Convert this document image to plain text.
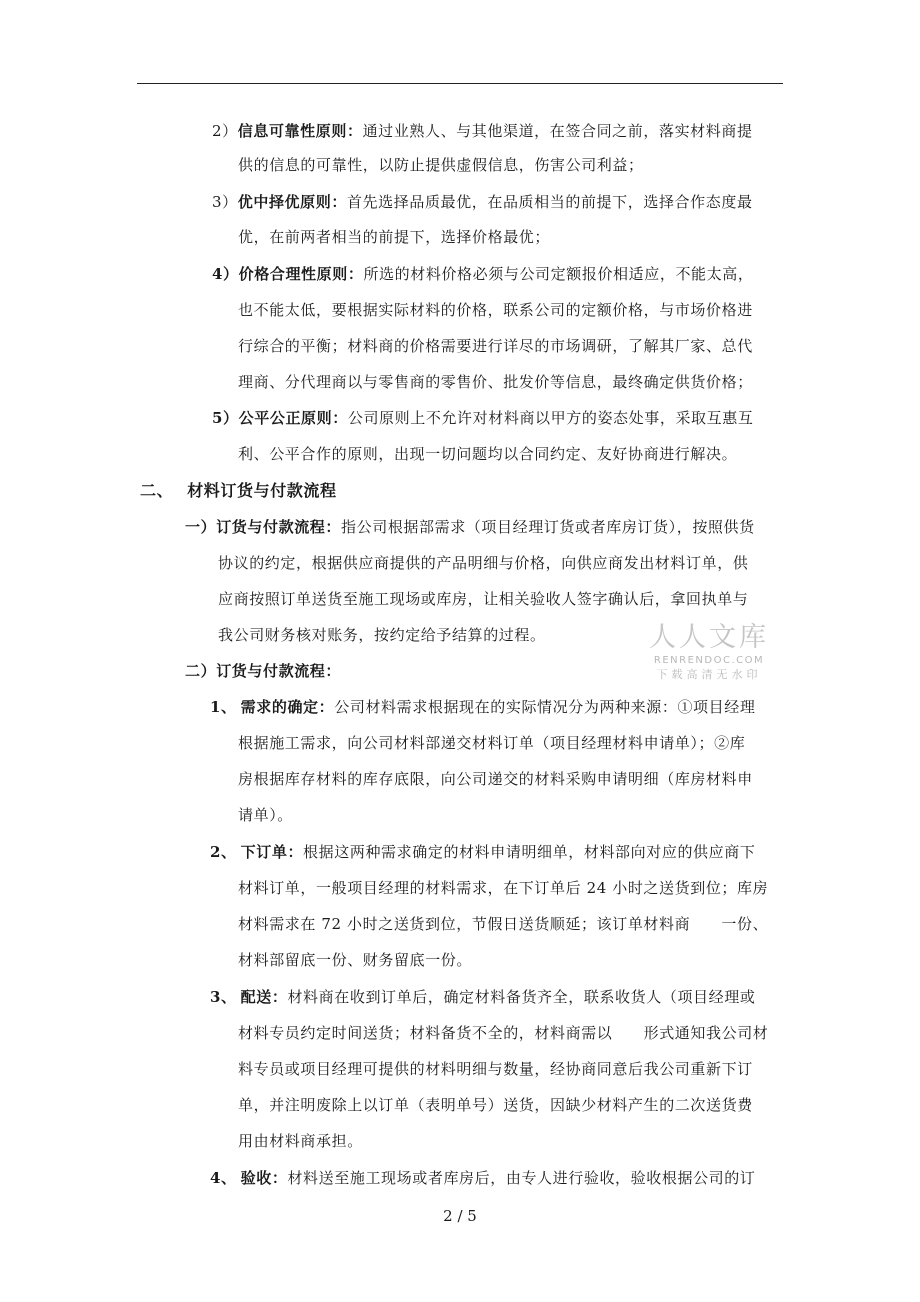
2）信息可靠性原则：通过业熟人、与其他渠道，在签合同之前，落实材料商提
供的信息的可靠性，以防止提供虚假信息，伤害公司利益；
3）优中择优原则：首先选择品质最优，在品质相当的前提下，选择合作态度最
优，在前两者相当的前提下，选择价格最优；
4）价格合理性原则：所选的材料价格必须与公司定额报价相适应，不能太高，
也不能太低，要根据实际材料的价格，联系公司的定额价格，与市场价格进
行综合的平衡；材料商的价格需要进行详尽的市场调研，了解其厂家、总代
理商、分代理商以与零售商的零售价、批发价等信息，最终确定供货价格；
5）公平公正原则：公司原则上不允许对材料商以甲方的姿态处事，采取互惠互
利、公平合作的原则，出现一切问题均以合同约定、友好协商进行解决。
二、 材料订货与付款流程
一）订货与付款流程：指公司根据部需求（项目经理订货或者库房订货），按照供货
协议的约定，根据供应商提供的产品明细与价格，向供应商发出材料订单，供
应商按照订单送货至施工现场或库房，让相关验收人签字确认后，拿回执单与
我公司财务核对账务，按约定给予结算的过程。
二）订货与付款流程：
1、 需求的确定：公司材料需求根据现在的实际情况分为两种来源：①项目经理
根据施工需求，向公司材料部递交材料订单（项目经理材料申请单）；②库
房根据库存材料的库存底限，向公司递交的材料采购申请明细（库房材料申
请单）。
2、 下订单：根据这两种需求确定的材料申请明细单，材料部向对应的供应商下
材料订单，一般项目经理的材料需求，在下订单后 24 小时之送货到位；库房
材料需求在 72 小时之送货到位，节假日送货顺延；该订单材料商　　一份、
材料部留底一份、财务留底一份。
3、 配送：材料商在收到订单后，确定材料备货齐全，联系收货人（项目经理或
材料专员约定时间送货；材料备货不全的，材料商需以　　形式通知我公司材
料专员或项目经理可提供的材料明细与数量，经协商同意后我公司重新下订
单，并注明废除上以订单（表明单号）送货，因缺少材料产生的二次送货费
用由材料商承担。
4、 验收：材料送至施工现场或者库房后，由专人进行验收，验收根据公司的订
人人文库
RENRENDOC.COM
下载高清无水印
2 / 5
